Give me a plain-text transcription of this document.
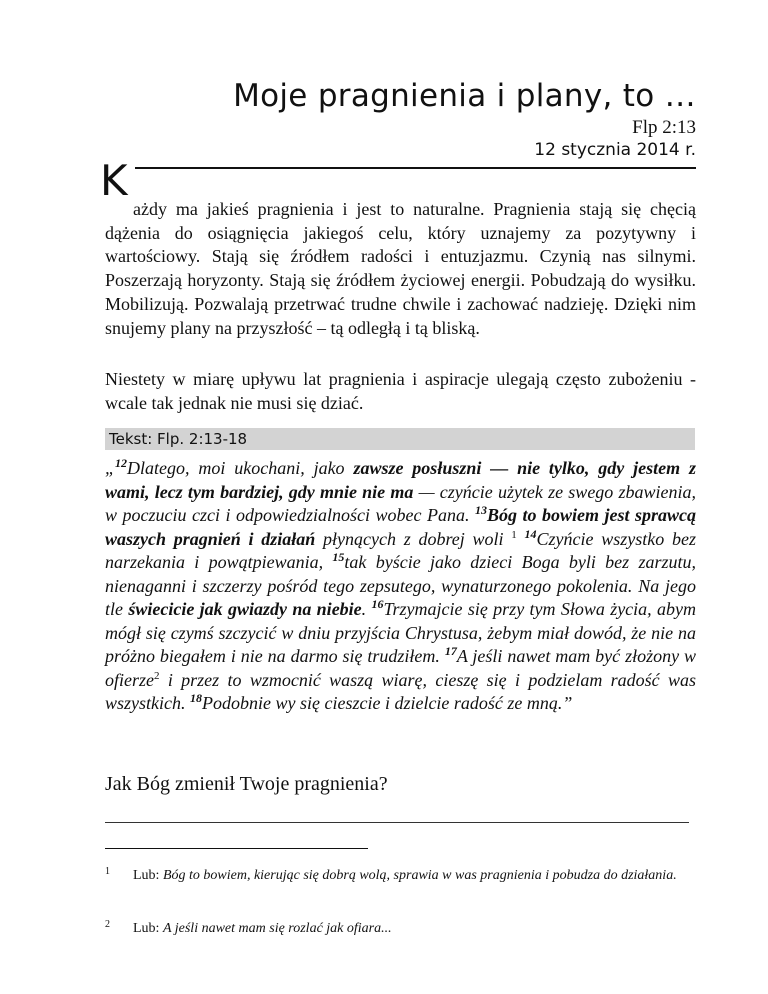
Moje pragnienia i plany, to …
Flp 2:13
12 stycznia 2014 r.
K

ażdy ma jakieś pragnienia i jest to naturalne. Pragnienia stają się chęcią dążenia do osiągnięcia jakiegoś celu, który uznajemy za pozytywny i wartościowy. Stają się źródłem radości i entuzjazmu. Czynią nas silnymi. Poszerzają horyzonty. Stają się źródłem życiowej energii. Pobudzają do wysiłku. Mobilizują. Pozwalają przetrwać trudne chwile i zachować nadzieję. Dzięki nim snujemy plany na przyszłość – tą odległą i tą bliską.

Niestety w miarę upływu lat pragnienia i aspiracje ulegają często zubożeniu - wcale tak jednak nie musi się dziać.

Tekst: Flp. 2:13-18

„$^{12}$Dlatego, moi ukochani, jako zawsze posłuszni — nie tylko, gdy jestem z wami, lecz tym bardziej, gdy mnie nie ma — czyńcie użytek ze swego zbawienia, w poczuciu czci i odpowiedzialności wobec Pana. $^{13}$Bóg to bowiem jest sprawcą waszych pragnień i działań płynących z dobrej woli $^1$ $^{14}$Czyńcie wszystko bez narzekania i powątpiewania, $^{15}$tak byście jako dzieci Boga byli bez zarzutu, nienaganni i szczerzy pośród tego zepsutego, wynaturzonego pokolenia. Na jego tle świecicie jak gwiazdy na niebie. $^{16}$Trzymajcie się przy tym Słowa życia, abym mógł się czymś szczycić w dniu przyjścia Chrystusa, żebym miał dowód, że nie na próżno biegałem i nie na darmo się trudziłem. $^{17}$A jeśli nawet mam być złożony w ofierze$^2$ i przez to wzmocnić waszą wiarę, cieszę się i podzielam radość was wszystkich. $^{18}$Podobnie wy się cieszcie i dzielcie radość ze mną.”

Jak Bóg zmienił Twoje pragnienia?
1 Lub: Bóg to bowiem, kierując się dobrą wolą, sprawia w was pragnienia i pobudza do działania.
2 Lub: A jeśli nawet mam się rozlać jak ofiara...
